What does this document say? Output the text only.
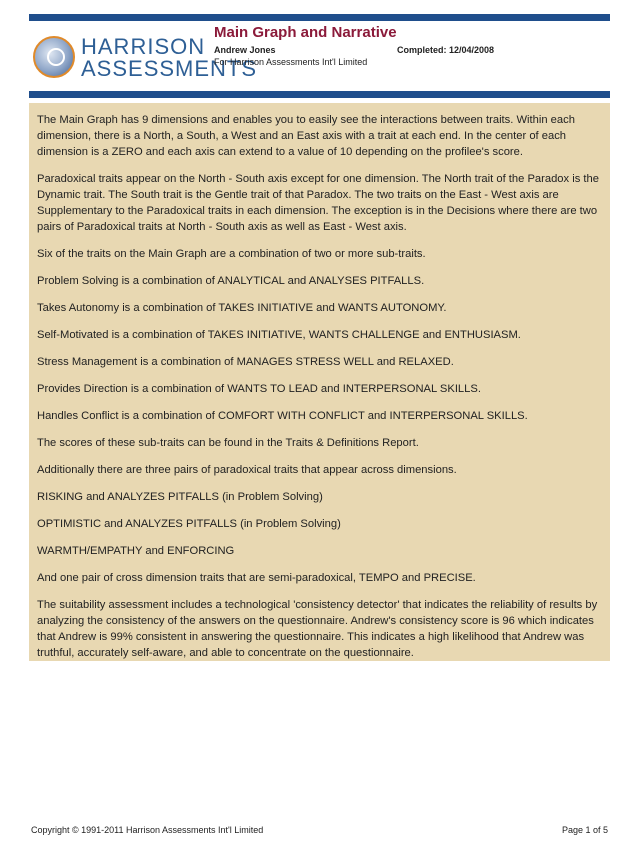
HARRISON
ASSESSMENTS
Main Graph and Narrative
Andrew Jones	Completed: 12/04/2008
For Harrison Assessments Int'l Limited

The Main Graph has 9 dimensions and enables you to easily see the interactions between traits. Within each dimension, there is a North, a South, a West and an East axis with a trait at each end. In the center of each dimension is a ZERO and each axis can extend to a value of 10 depending on the profilee's score.

Paradoxical traits appear on the North - South axis except for one dimension. The North trait of the Paradox is the Dynamic trait. The South trait is the Gentle trait of that Paradox. The two traits on the East - West axis are Supplementary to the Paradoxical traits in each dimension. The exception is in the Decisions where there are two pairs of Paradoxical traits at North - South axis as well as East - West axis.

Six of the traits on the Main Graph are a combination of two or more sub-traits.

Problem Solving is a combination of ANALYTICAL and ANALYSES PITFALLS.

Takes Autonomy is a combination of TAKES INITIATIVE and WANTS AUTONOMY.

Self-Motivated is a combination of TAKES INITIATIVE, WANTS CHALLENGE and ENTHUSIASM.

Stress Management is a combination of MANAGES STRESS WELL and RELAXED.

Provides Direction is a combination of WANTS TO LEAD and INTERPERSONAL SKILLS.

Handles Conflict is a combination of COMFORT WITH CONFLICT and INTERPERSONAL SKILLS.

The scores of these sub-traits can be found in the Traits & Definitions Report.

Additionally there are three pairs of paradoxical traits that appear across dimensions.

RISKING and ANALYZES PITFALLS (in Problem Solving)

OPTIMISTIC and ANALYZES PITFALLS (in Problem Solving)

WARMTH/EMPATHY and ENFORCING

And one pair of cross dimension traits that are semi-paradoxical, TEMPO and PRECISE.

The suitability assessment includes a technological 'consistency detector' that indicates the reliability of results by analyzing the consistency of the answers on the questionnaire. Andrew's consistency score is 96 which indicates that Andrew is 99% consistent in answering the questionnaire. This indicates a high likelihood that Andrew was truthful, accurately self-aware, and able to concentrate on the questionnaire.

Copyright © 1991-2011 Harrison Assessments Int'l Limited	Page 1 of 5
